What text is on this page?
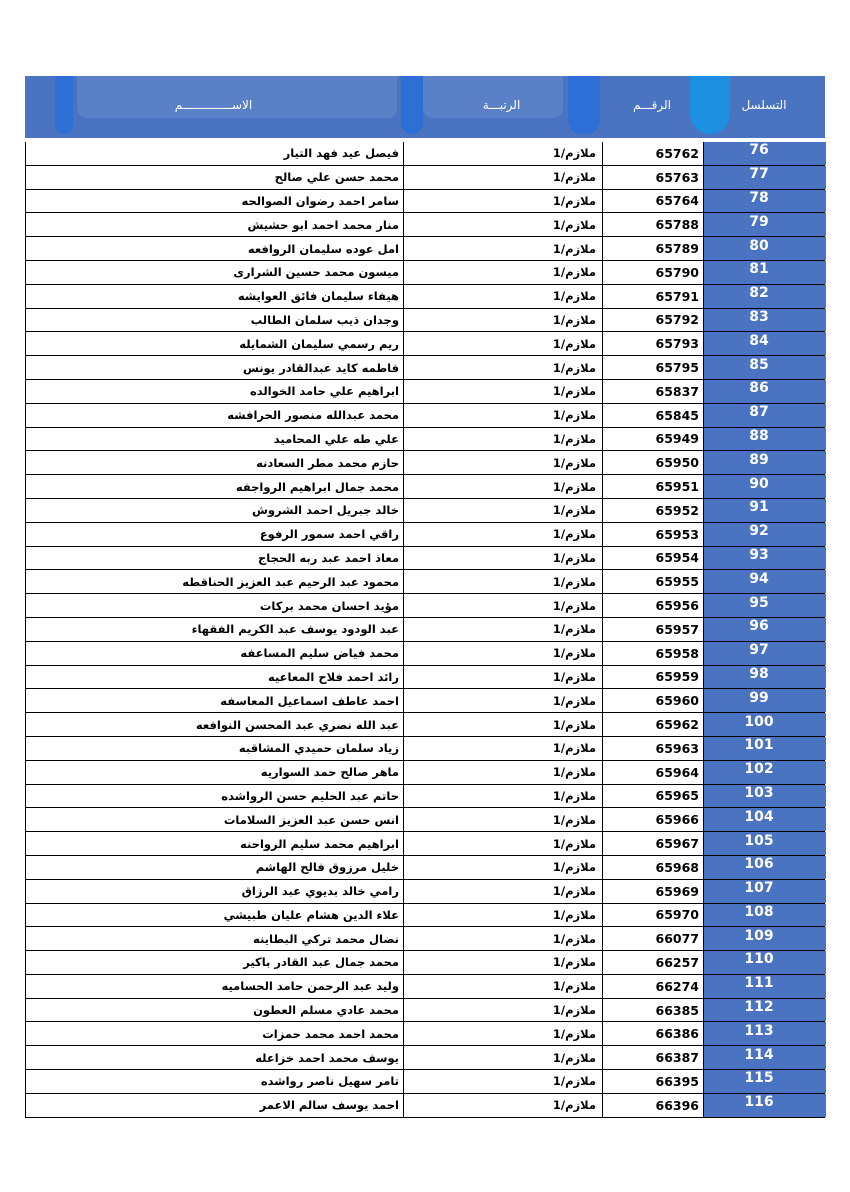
الاســــــــــــــم	الرتبـــة	الرقـــم	التسلسل
فيصل عيد فهد التيار	ملازم/1	65762	76
محمد حسن علي صالح	ملازم/1	65763	77
سامر احمد رضوان الصوالحه	ملازم/1	65764	78
منار محمد احمد ابو حشيش	ملازم/1	65788	79
امل عوده سليمان الروافعه	ملازم/1	65789	80
ميسون محمد حسين الشرارى	ملازم/1	65790	81
هيفاء سليمان فائق العوايشه	ملازم/1	65791	82
وجدان ذيب سلمان الطالب	ملازم/1	65792	83
ريم رسمي سليمان الشمايله	ملازم/1	65793	84
فاطمه كايد عبدالقادر يونس	ملازم/1	65795	85
ابراهيم علي حامد الخوالده	ملازم/1	65837	86
محمد عبدالله منصور الحرافشه	ملازم/1	65845	87
علي طه علي المحاميد	ملازم/1	65949	88
حازم محمد مطر السعادنه	ملازم/1	65950	89
محمد جمال ابراهيم الرواجفه	ملازم/1	65951	90
خالد جبريل احمد الشروش	ملازم/1	65952	91
راقي احمد سمور الرفوع	ملازم/1	65953	92
معاذ احمد عبد ربه الحجاج	ملازم/1	65954	93
محمود عبد الرحيم عبد العزيز الحناقطه	ملازم/1	65955	94
مؤيد احسان محمد بركات	ملازم/1	65956	95
عبد الودود يوسف عبد الكريم الفقهاء	ملازم/1	65957	96
محمد فياض سليم المساعفه	ملازم/1	65958	97
رائد احمد فلاح المعاعيه	ملازم/1	65959	98
احمد عاطف اسماعيل المعاسفه	ملازم/1	65960	99
عبد الله نصري عبد المحسن النوافعه	ملازم/1	65962	100
زياد سلمان حميدي المشاقبه	ملازم/1	65963	101
ماهر صالح حمد السواريه	ملازم/1	65964	102
حاتم عبد الحليم حسن الرواشده	ملازم/1	65965	103
انس حسن عبد العزيز السلامات	ملازم/1	65966	104
ابراهيم محمد سليم الرواحنه	ملازم/1	65967	105
خليل مرزوق فالح الهاشم	ملازم/1	65968	106
رامي خالد بديوي عبد الرزاق	ملازم/1	65969	107
علاء الدين هشام عليان طبيشي	ملازم/1	65970	108
نضال محمد تركي البطاينه	ملازم/1	66077	109
محمد جمال عبد القادر باكير	ملازم/1	66257	110
وليد عبد الرحمن حامد الحساميه	ملازم/1	66274	111
محمد عادي مسلم العطون	ملازم/1	66385	112
محمد احمد محمد حمزات	ملازم/1	66386	113
يوسف محمد احمد خزاعله	ملازم/1	66387	114
تامر سهيل ناصر رواشده	ملازم/1	66395	115
احمد يوسف سالم الاعمر	ملازم/1	66396	116
